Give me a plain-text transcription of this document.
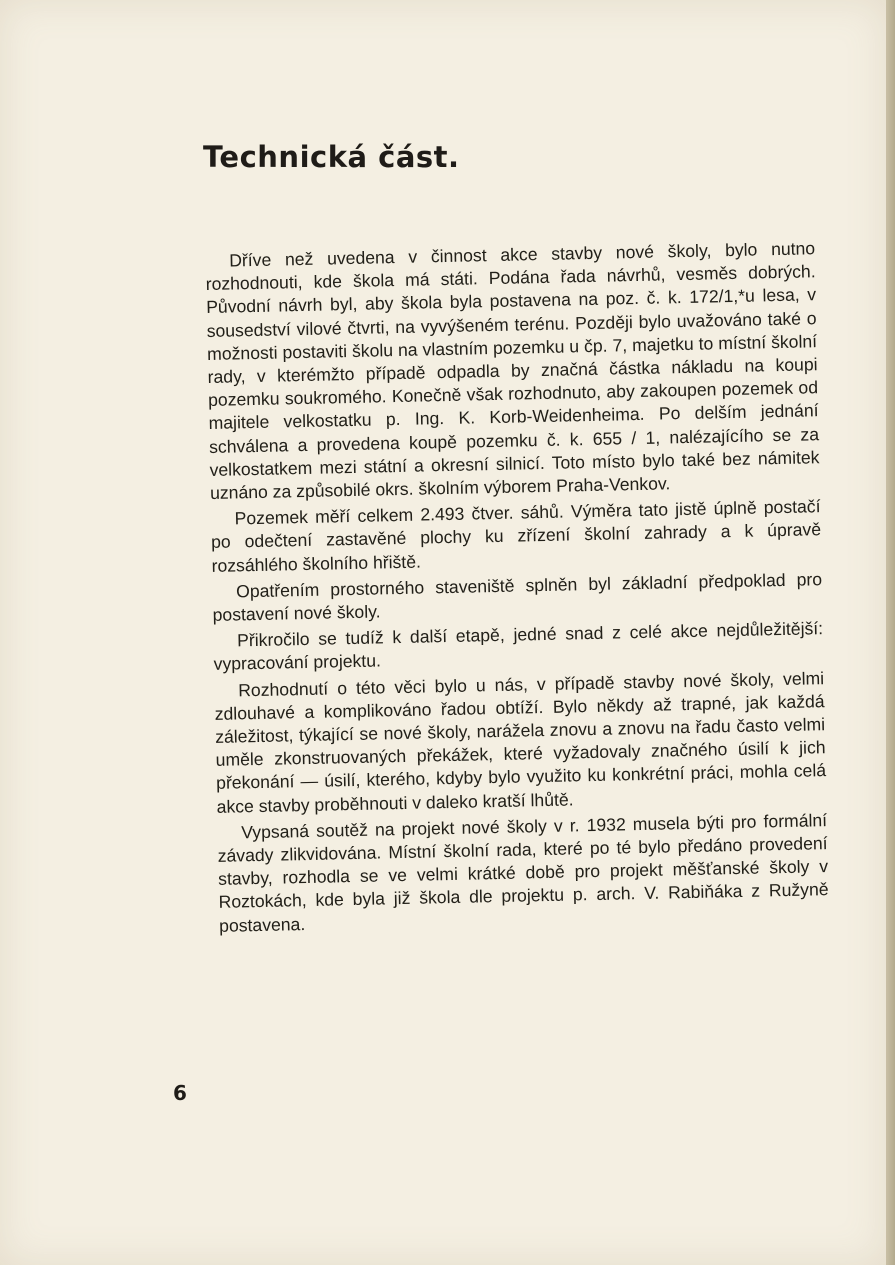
Technická část.

Dříve než uvedena v činnost akce stavby nové školy, bylo nutno rozhodnouti, kde škola má státi. Podána řada návrhů, vesměs dobrých. Původní návrh byl, aby škola byla postavena na poz. č. k. 172/1,*u lesa, v sousedství vilové čtvrti, na vyvýšeném terénu. Později bylo uvažováno také o možnosti postaviti školu na vlastním pozemku u čp. 7, majetku to místní školní rady, v kterémžto případě odpadla by značná částka nákladu na koupi pozemku soukromého. Konečně však rozhodnuto, aby zakoupen pozemek od majitele velkostatku p. Ing. K. Korb-Weidenheima. Po delším jednání schválena a provedena koupě pozemku č. k. 655 / 1, nalézajícího se za velkostatkem mezi státní a okresní silnicí. Toto místo bylo také bez námitek uznáno za způsobilé okrs. školním výborem Praha-Venkov.

Pozemek měří celkem 2.493 čtver. sáhů. Výměra tato jistě úplně postačí po odečtení zastavěné plochy ku zřízení školní zahrady a k úpravě rozsáhlého školního hřiště.

Opatřením prostorného staveniště splněn byl základní předpoklad pro postavení nové školy.

Přikročilo se tudíž k další etapě, jedné snad z celé akce nejdůležitější: vypracování projektu.

Rozhodnutí o této věci bylo u nás, v případě stavby nové školy, velmi zdlouhavé a komplikováno řadou obtíží. Bylo někdy až trapné, jak každá záležitost, týkající se nové školy, narážela znovu a znovu na řadu často velmi uměle zkonstruovaných překážek, které vyžadovaly značného úsilí k jich překonání — úsilí, kterého, kdyby bylo využito ku konkrétní práci, mohla celá akce stavby proběhnouti v daleko kratší lhůtě.

Vypsaná soutěž na projekt nové školy v r. 1932 musela býti pro formální závady zlikvidována. Místní školní rada, které po té bylo předáno provedení stavby, rozhodla se ve velmi krátké době pro projekt měšťanské školy v Roztokách, kde byla již škola dle projektu p. arch. V. Rabiňáka z Ružyně postavena.

6
